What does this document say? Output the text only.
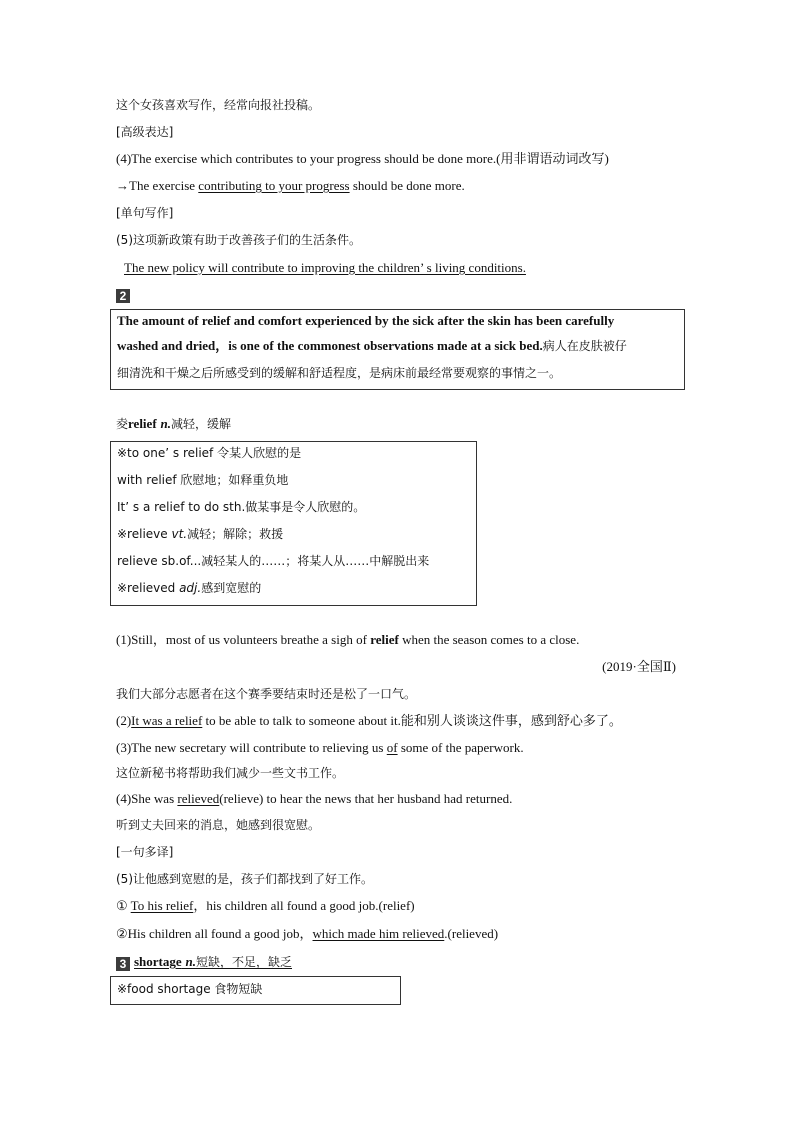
这个女孩喜欢写作，经常向报社投稿。
[高级表达]
(4)The exercise which contributes to your progress should be done more.(用非谓语动词改写)
→The exercise contributing to your progress should be done more.
[单句写作]
(5)这项新政策有助于改善孩子们的生活条件。
The new policy will contribute to improving the children’ s living conditions.
2
The amount of relief and comfort experienced by the sick after the skin has been carefully
washed and dried，is one of the commonest observations made at a sick bed.病人在皮肤被仔
细清洗和干燥之后所感受到的缓解和舒适程度，是病床前最经常要观察的事情之一。
夌relief n.减轻，缓解
※to one’ s relief 令某人欣慰的是
with relief 欣慰地；如释重负地
It’ s a relief to do sth.做某事是令人欣慰的。
※relieve vt.减轻；解除；救援
relieve sb.of...减轻某人的……；将某人从……中解脱出来
※relieved adj.感到宽慰的
(1)Still，most of us volunteers breathe a sigh of relief when the season comes to a close.
(2019·全国Ⅱ)
我们大部分志愿者在这个赛季要结束时还是松了一口气。
(2)It was a relief to be able to talk to someone about it.能和别人谈谈这件事，感到舒心多了。
(3)The new secretary will contribute to relieving us of some of the paperwork.
这位新秘书将帮助我们减少一些文书工作。
(4)She was relieved(relieve) to hear the news that her husband had returned.
听到丈夫回来的消息，她感到很宽慰。
[一句多译]
(5)让他感到宽慰的是，孩子们都找到了好工作。
① To his relief，his children all found a good job.(relief)
②His children all found a good job，which made him relieved.(relieved)
3 shortage n.短缺，不足，缺乏
※food shortage 食物短缺
